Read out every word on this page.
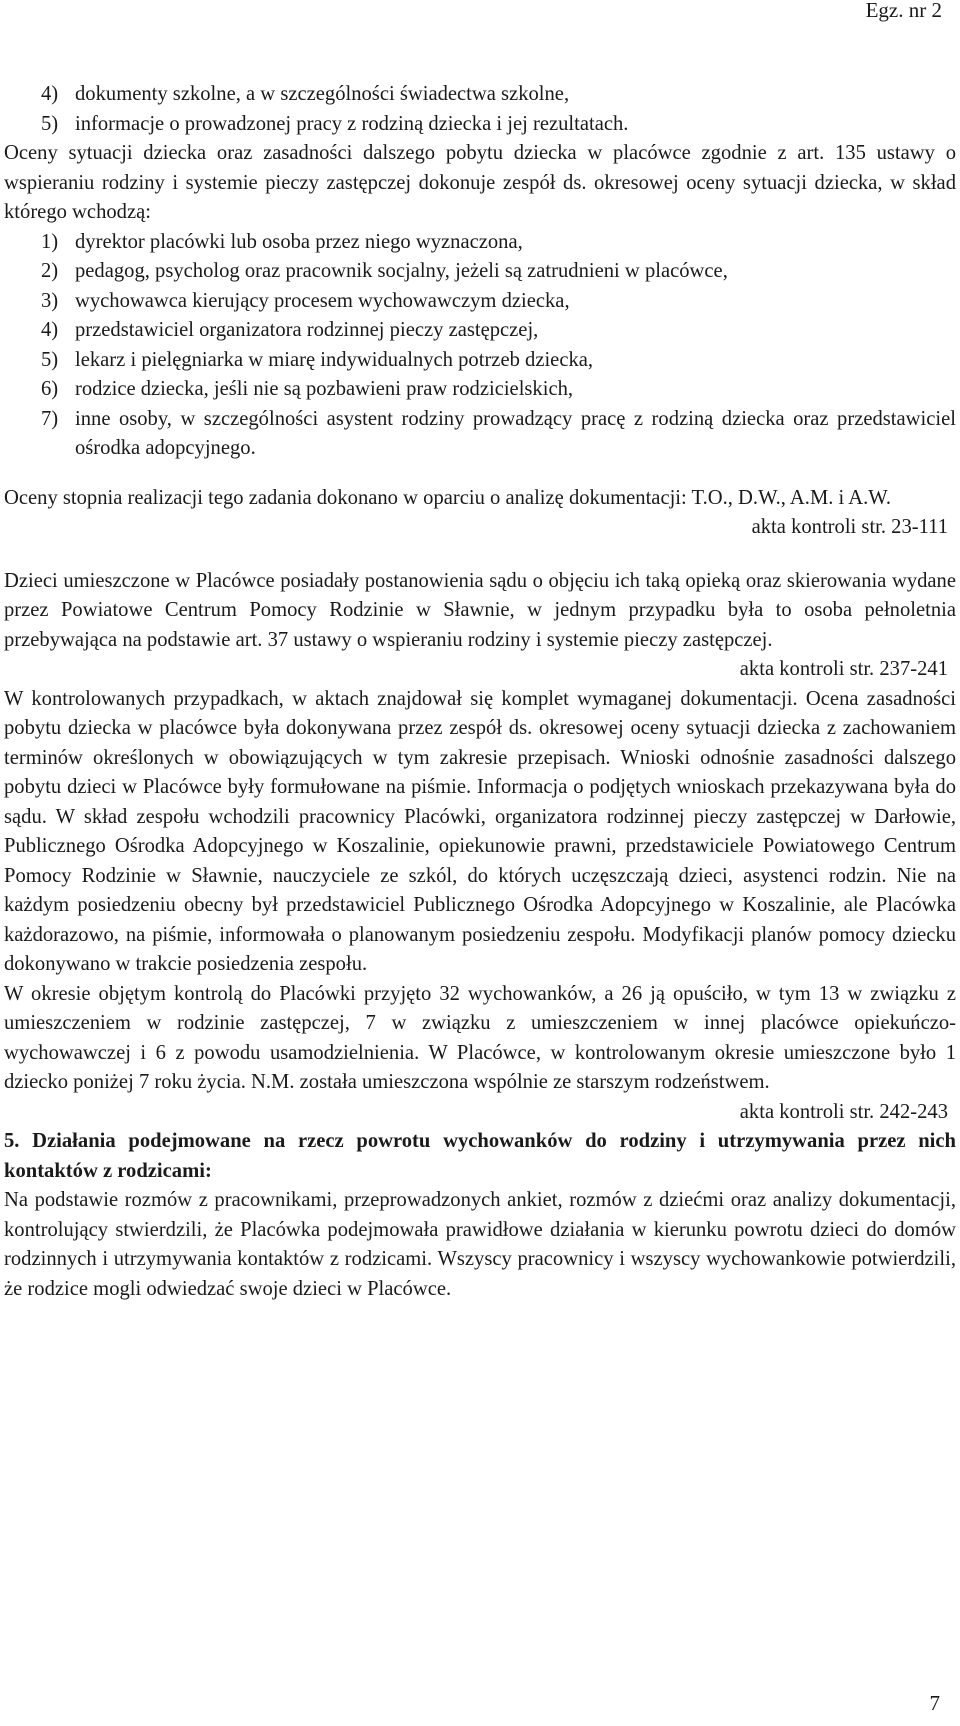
Egz. nr 2
4) dokumenty szkolne, a w szczególności świadectwa szkolne,
5) informacje o prowadzonej pracy z rodziną dziecka i jej rezultatach.

Oceny sytuacji dziecka oraz zasadności dalszego pobytu dziecka w placówce zgodnie z art. 135 ustawy o wspieraniu rodziny i systemie pieczy zastępczej dokonuje zespół ds. okresowej oceny sytuacji dziecka, w skład którego wchodzą:

1) dyrektor placówki lub osoba przez niego wyznaczona,
2) pedagog, psycholog oraz pracownik socjalny, jeżeli są zatrudnieni w placówce,
3) wychowawca kierujący procesem wychowawczym dziecka,
4) przedstawiciel organizatora rodzinnej pieczy zastępczej,
5) lekarz i pielęgniarka w miarę indywidualnych potrzeb dziecka,
6) rodzice dziecka, jeśli nie są pozbawieni praw rodzicielskich,
7) inne osoby, w szczególności asystent rodziny prowadzący pracę z rodziną dziecka oraz przedstawiciel ośrodka adopcyjnego.

Oceny stopnia realizacji tego zadania dokonano w oparciu o analizę dokumentacji: T.O., D.W., A.M. i A.W.

akta kontroli str. 23-111

Dzieci umieszczone w Placówce posiadały postanowienia sądu o objęciu ich taką opieką oraz skierowania wydane przez Powiatowe Centrum Pomocy Rodzinie w Sławnie, w jednym przypadku była to osoba pełnoletnia przebywająca na podstawie art. 37 ustawy o wspieraniu rodziny i systemie pieczy zastępczej.

akta kontroli str. 237-241

W kontrolowanych przypadkach, w aktach znajdował się komplet wymaganej dokumentacji. Ocena zasadności pobytu dziecka w placówce była dokonywana przez zespół ds. okresowej oceny sytuacji dziecka z zachowaniem terminów określonych w obowiązujących w tym zakresie przepisach. Wnioski odnośnie zasadności dalszego pobytu dzieci w Placówce były formułowane na piśmie. Informacja o podjętych wnioskach przekazywana była do sądu. W skład zespołu wchodzili pracownicy Placówki, organizatora rodzinnej pieczy zastępczej w Darłowie, Publicznego Ośrodka Adopcyjnego w Koszalinie, opiekunowie prawni, przedstawiciele Powiatowego Centrum Pomocy Rodzinie w Sławnie, nauczyciele ze szkól, do których uczęszczają dzieci, asystenci rodzin. Nie na każdym posiedzeniu obecny był przedstawiciel Publicznego Ośrodka Adopcyjnego w Koszalinie, ale Placówka każdorazowo, na piśmie, informowała o planowanym posiedzeniu zespołu. Modyfikacji planów pomocy dziecku dokonywano w trakcie posiedzenia zespołu.

W okresie objętym kontrolą do Placówki przyjęto 32 wychowanków, a 26 ją opuściło, w tym 13 w związku z umieszczeniem w rodzinie zastępczej, 7 w związku z umieszczeniem w innej placówce opiekuńczo-wychowawczej i 6 z powodu usamodzielnienia. W Placówce, w kontrolowanym okresie umieszczone było 1 dziecko poniżej 7 roku życia. N.M. została umieszczona wspólnie ze starszym rodzeństwem.

akta kontroli str. 242-243

5. Działania podejmowane na rzecz powrotu wychowanków do rodziny i utrzymywania przez nich kontaktów z rodzicami:

Na podstawie rozmów z pracownikami, przeprowadzonych ankiet, rozmów z dziećmi oraz analizy dokumentacji, kontrolujący stwierdzili, że Placówka podejmowała prawidłowe działania w kierunku powrotu dzieci do domów rodzinnych i utrzymywania kontaktów z rodzicami. Wszyscy pracownicy i wszyscy wychowankowie potwierdzili, że rodzice mogli odwiedzać swoje dzieci w Placówce.

7
